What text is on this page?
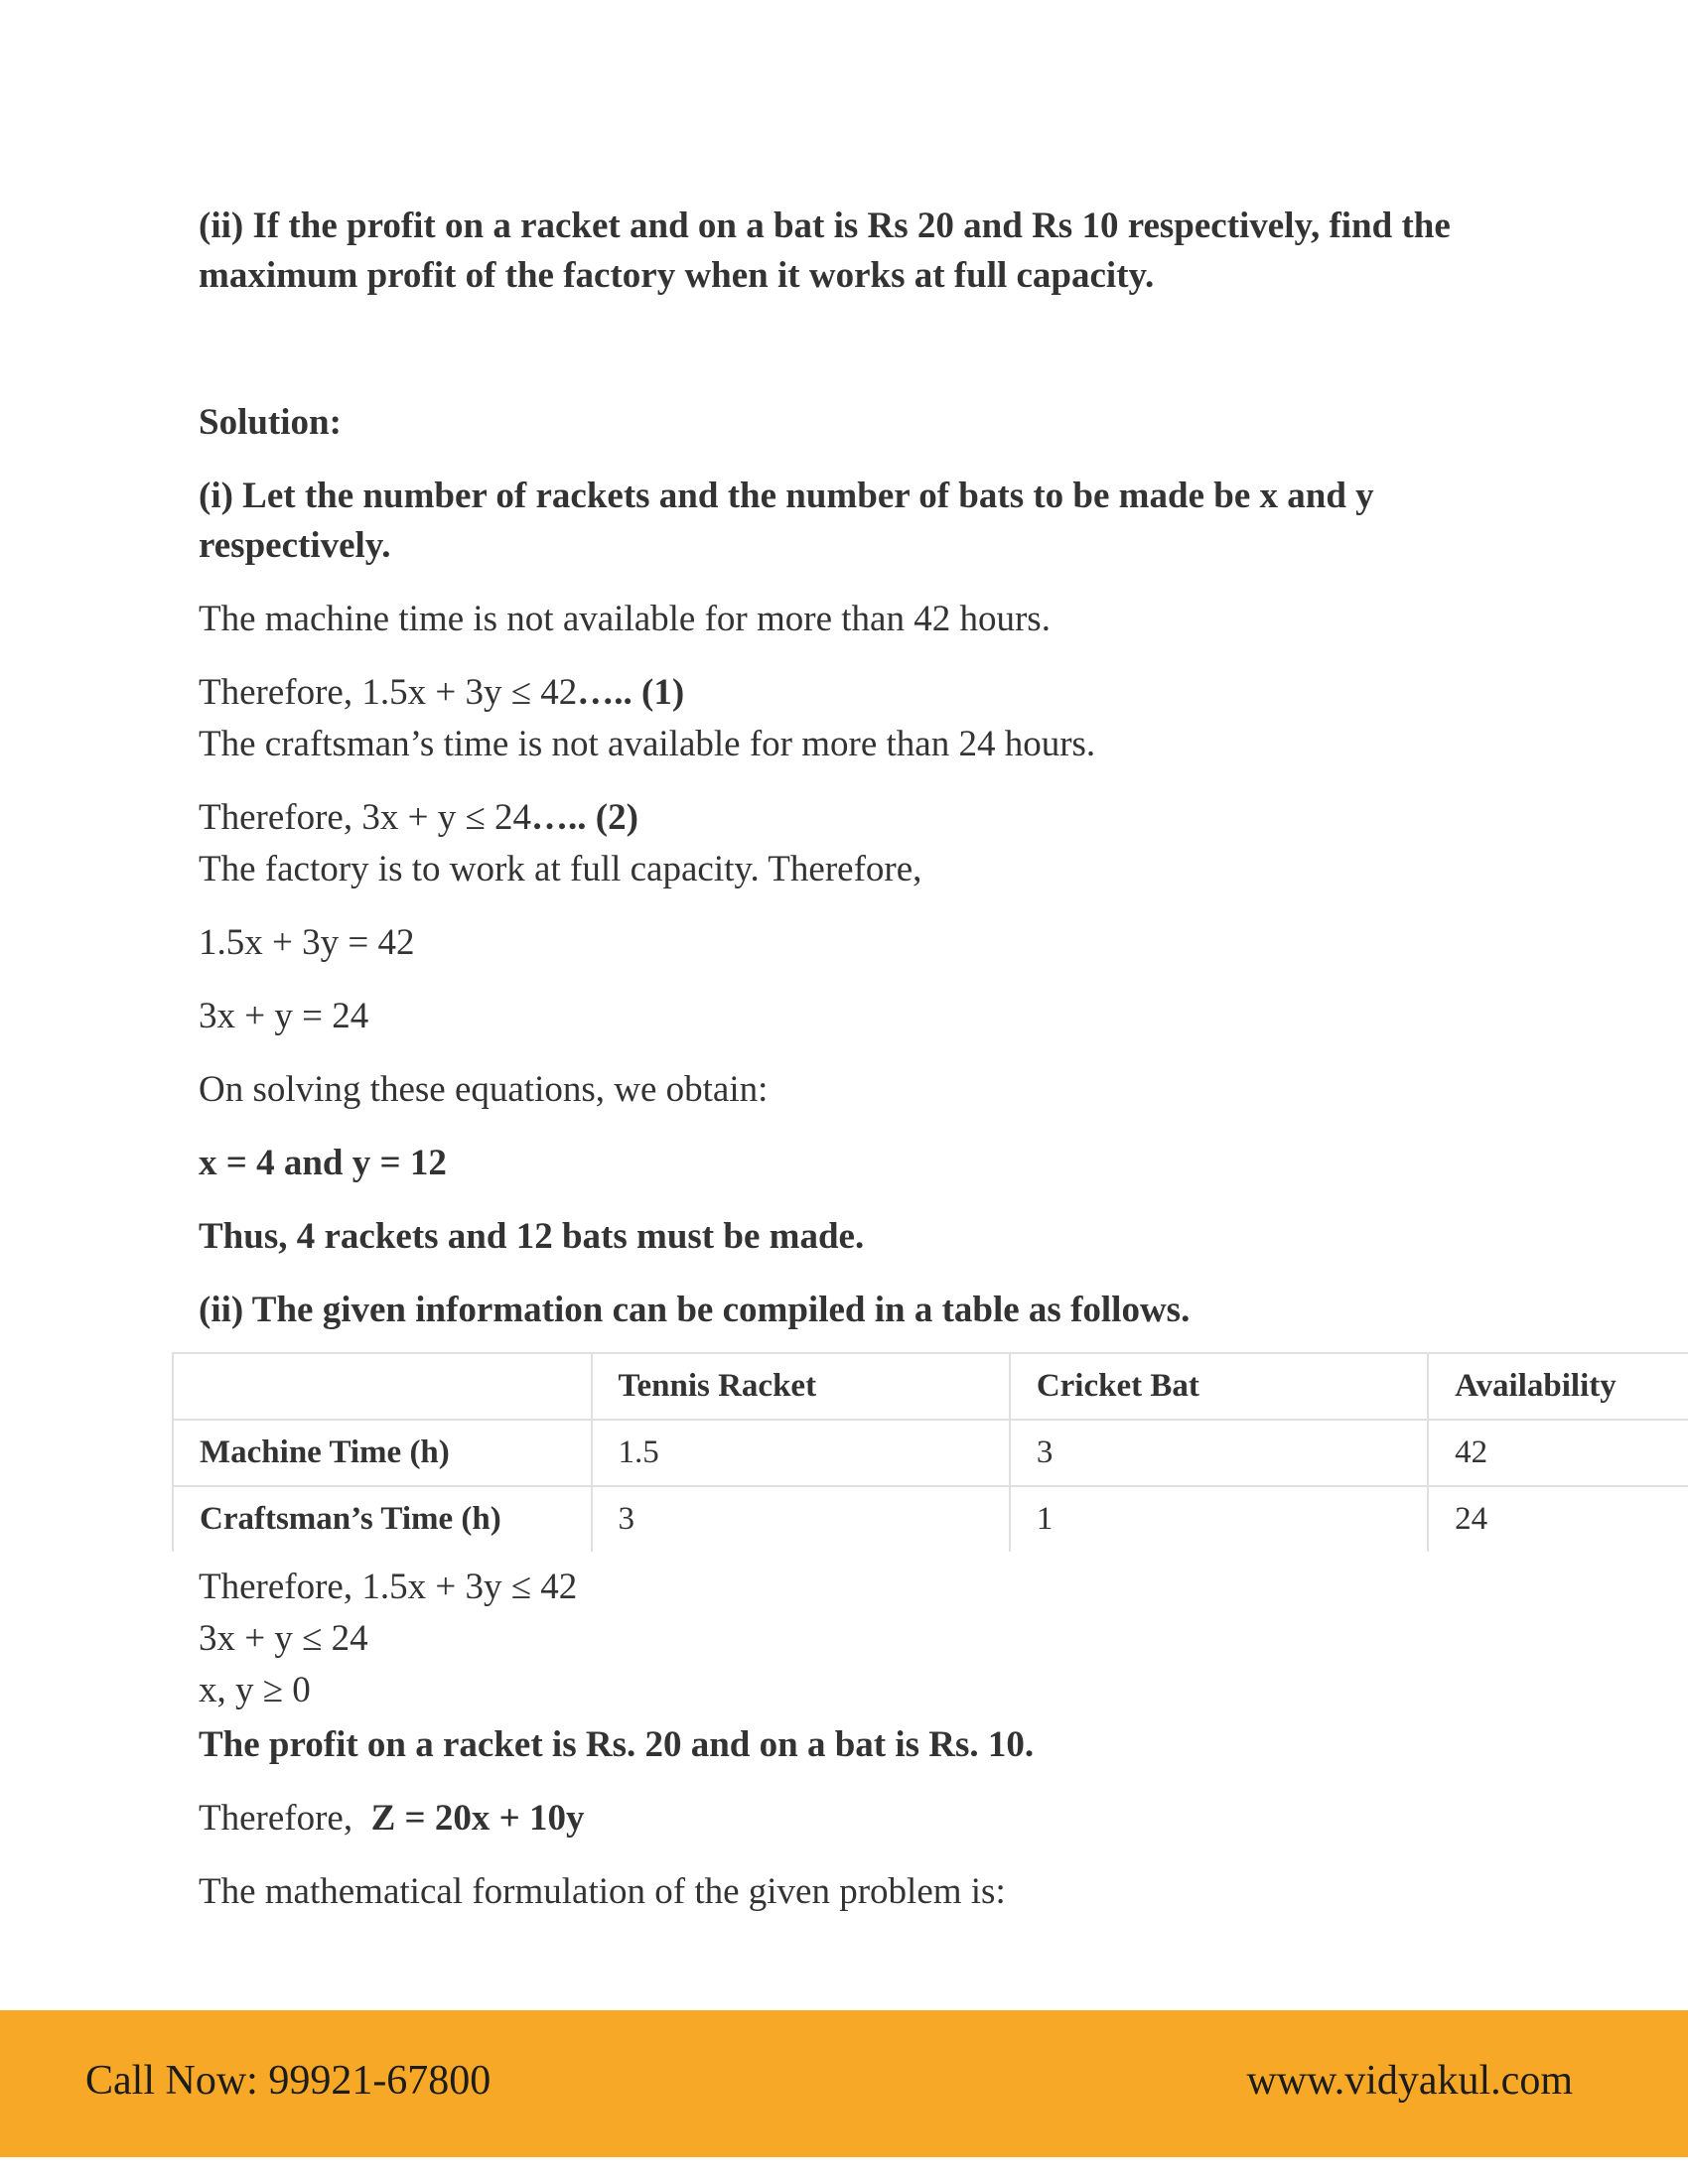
(ii) If the profit on a racket and on a bat is Rs 20 and Rs 10 respectively, find the maximum profit of the factory when it works at full capacity.
Solution:
(i) Let the number of rackets and the number of bats to be made be x and y respectively.
The machine time is not available for more than 42 hours.
Therefore, 1.5x + 3y ≤ 42….. (1)
The craftsman’s time is not available for more than 24 hours.
Therefore, 3x + y ≤ 24….. (2)
The factory is to work at full capacity. Therefore,
1.5x + 3y = 42
3x + y = 24
On solving these equations, we obtain:
x = 4 and y = 12
Thus, 4 rackets and 12 bats must be made.
(ii) The given information can be compiled in a table as follows.
	Tennis Racket	Cricket Bat	Availability
Machine Time (h)	1.5	3	42
Craftsman’s Time (h)	3	1	24
Therefore, 1.5x + 3y ≤ 42
3x + y ≤ 24
x, y ≥ 0
The profit on a racket is Rs. 20 and on a bat is Rs. 10.
Therefore, Z = 20x + 10y
The mathematical formulation of the given problem is:
Call Now: 99921-67800	www.vidyakul.com
